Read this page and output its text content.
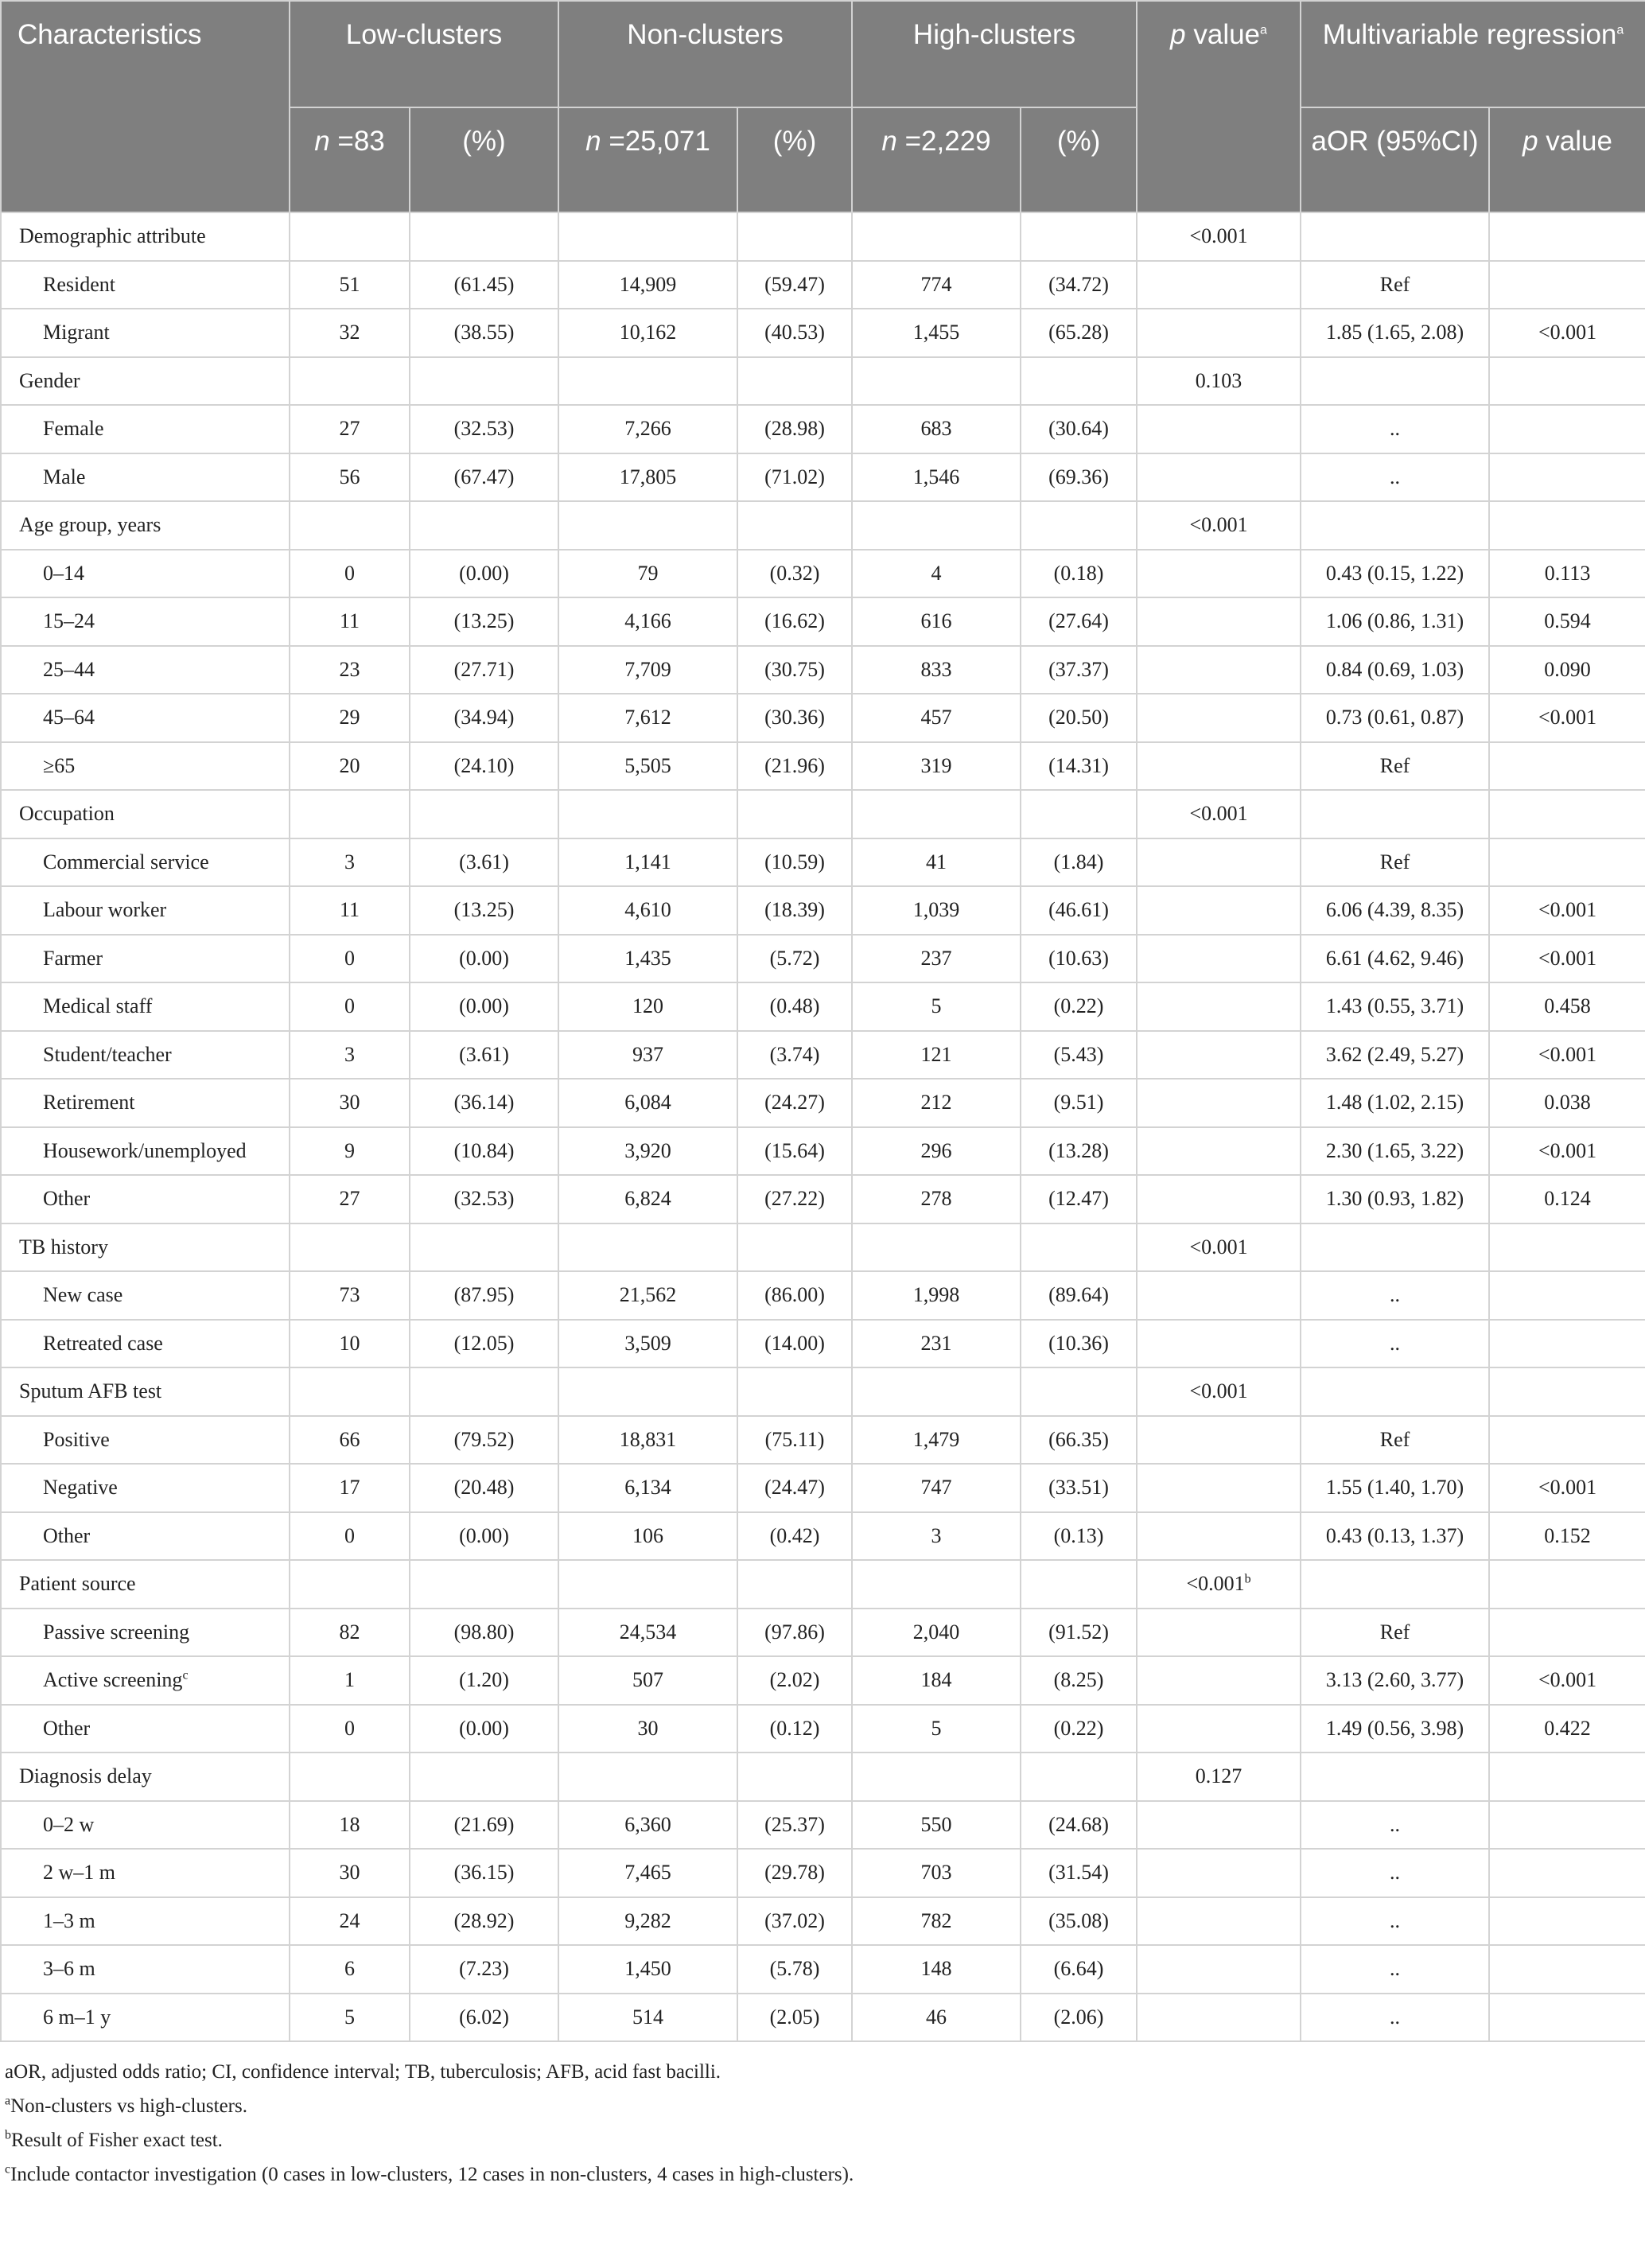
Characteristics	Low-clusters		Non-clusters		High-clusters		p value$^a$	Multivariable regression$^a$
	n =83	(%)	n =25,071	(%)	n =2,229	(%)		aOR (95%CI)	p value
Demographic attribute							<0.001		
Resident	51	(61.45)	14,909	(59.47)	774	(34.72)		Ref	
Migrant	32	(38.55)	10,162	(40.53)	1,455	(65.28)		1.85 (1.65, 2.08)	<0.001
Gender							0.103		
Female	27	(32.53)	7,266	(28.98)	683	(30.64)		..	
Male	56	(67.47)	17,805	(71.02)	1,546	(69.36)		..	
Age group, years							<0.001		
0–14	0	(0.00)	79	(0.32)	4	(0.18)		0.43 (0.15, 1.22)	0.113
15–24	11	(13.25)	4,166	(16.62)	616	(27.64)		1.06 (0.86, 1.31)	0.594
25–44	23	(27.71)	7,709	(30.75)	833	(37.37)		0.84 (0.69, 1.03)	0.090
45–64	29	(34.94)	7,612	(30.36)	457	(20.50)		0.73 (0.61, 0.87)	<0.001
≥65	20	(24.10)	5,505	(21.96)	319	(14.31)		Ref	
Occupation							<0.001		
Commercial service	3	(3.61)	1,141	(10.59)	41	(1.84)		Ref	
Labour worker	11	(13.25)	4,610	(18.39)	1,039	(46.61)		6.06 (4.39, 8.35)	<0.001
Farmer	0	(0.00)	1,435	(5.72)	237	(10.63)		6.61 (4.62, 9.46)	<0.001
Medical staff	0	(0.00)	120	(0.48)	5	(0.22)		1.43 (0.55, 3.71)	0.458
Student/teacher	3	(3.61)	937	(3.74)	121	(5.43)		3.62 (2.49, 5.27)	<0.001
Retirement	30	(36.14)	6,084	(24.27)	212	(9.51)		1.48 (1.02, 2.15)	0.038
Housework/unemployed	9	(10.84)	3,920	(15.64)	296	(13.28)		2.30 (1.65, 3.22)	<0.001
Other	27	(32.53)	6,824	(27.22)	278	(12.47)		1.30 (0.93, 1.82)	0.124
TB history							<0.001		
New case	73	(87.95)	21,562	(86.00)	1,998	(89.64)		..	
Retreated case	10	(12.05)	3,509	(14.00)	231	(10.36)		..	
Sputum AFB test							<0.001		
Positive	66	(79.52)	18,831	(75.11)	1,479	(66.35)		Ref	
Negative	17	(20.48)	6,134	(24.47)	747	(33.51)		1.55 (1.40, 1.70)	<0.001
Other	0	(0.00)	106	(0.42)	3	(0.13)		0.43 (0.13, 1.37)	0.152
Patient source							<0.001$^b$		
Passive screening	82	(98.80)	24,534	(97.86)	2,040	(91.52)		Ref	
Active screening$^c$	1	(1.20)	507	(2.02)	184	(8.25)		3.13 (2.60, 3.77)	<0.001
Other	0	(0.00)	30	(0.12)	5	(0.22)		1.49 (0.56, 3.98)	0.422
Diagnosis delay							0.127		
0–2 w	18	(21.69)	6,360	(25.37)	550	(24.68)		..	
2 w–1 m	30	(36.15)	7,465	(29.78)	703	(31.54)		..	
1–3 m	24	(28.92)	9,282	(37.02)	782	(35.08)		..	
3–6 m	6	(7.23)	1,450	(5.78)	148	(6.64)		..	
6 m–1 y	5	(6.02)	514	(2.05)	46	(2.06)		..	
aOR, adjusted odds ratio; CI, confidence interval; TB, tuberculosis; AFB, acid fast bacilli.
$^a$Non-clusters vs high-clusters.
$^b$Result of Fisher exact test.
$^c$Include contactor investigation (0 cases in low-clusters, 12 cases in non-clusters, 4 cases in high-clusters).
